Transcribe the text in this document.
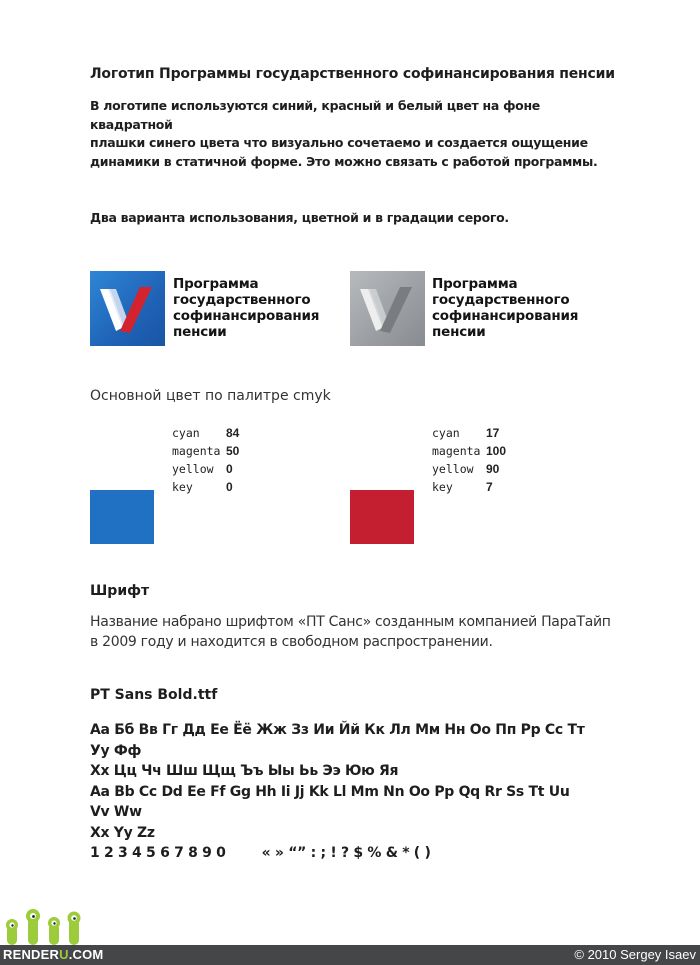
Логотип Программы государственного софинансирования пенсии
В логотипе используются синий, красный и белый цвет на фоне квадратной
плашки синего цвета что визуально сочетаемо и создается ощущение
динамики в статичной форме. Это можно связать с работой программы.
Два варианта использования, цветной и в градации серого.
Программа
государственного
софинансирования
пенсии
Программа
государственного
софинансирования
пенсии
Основной цвет по палитре cmyk
cyan	84
magenta 50
yellow	0
key	0
cyan	17
magenta 100
yellow	90
key	7
Шрифт
Название набрано шрифтом «ПТ Санс» созданным компанией ПараТайп
в 2009 году и находится в свободном распространении.
PT Sans Bold.ttf
Аа Бб Вв Гг Дд Ее Ёё Жж Зз Ии Йй Кк Лл Мм Нн Оо Пп Рр Сс Тт
Уу Фф
Хх Цц Чч Шш Щщ Ъъ Ыы Ьь Ээ Юю Яя
Aa Bb Cc Dd Ee Ff Gg Hh Ii Jj Kk Ll Mm Nn Oo Pp Qq Rr Ss Tt Uu
Vv Ww
Xx Yy Zz
1 2 3 4 5 6 7 8 9 0	« » “” : ; ! ? $ % & * ( )
RENDERU.COM	© 2010 Sergey Isaev
